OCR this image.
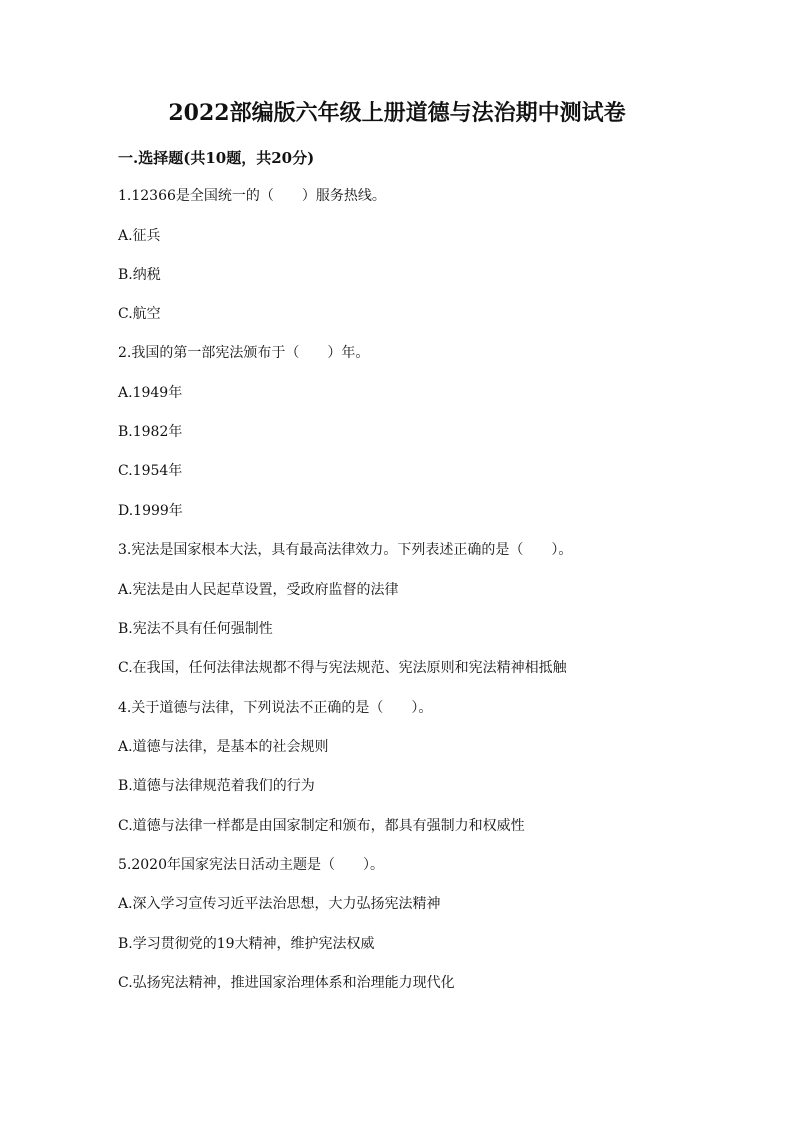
2022部编版六年级上册道德与法治期中测试卷
一.选择题(共10题，共20分)
1.12366是全国统一的（　　）服务热线。
A.征兵
B.纳税
C.航空
2.我国的第一部宪法颁布于（　　）年。
A.1949年
B.1982年
C.1954年
D.1999年
3.宪法是国家根本大法，具有最高法律效力。下列表述正确的是（　　）。
A.宪法是由人民起草设置，受政府监督的法律
B.宪法不具有任何强制性
C.在我国，任何法律法规都不得与宪法规范、宪法原则和宪法精神相抵触
4.关于道德与法律，下列说法不正确的是（　　）。
A.道德与法律，是基本的社会规则
B.道德与法律规范着我们的行为
C.道德与法律一样都是由国家制定和颁布，都具有强制力和权威性
5.2020年国家宪法日活动主题是（　　）。
A.深入学习宣传习近平法治思想，大力弘扬宪法精神
B.学习贯彻党的19大精神，维护宪法权威
C.弘扬宪法精神，推进国家治理体系和治理能力现代化
